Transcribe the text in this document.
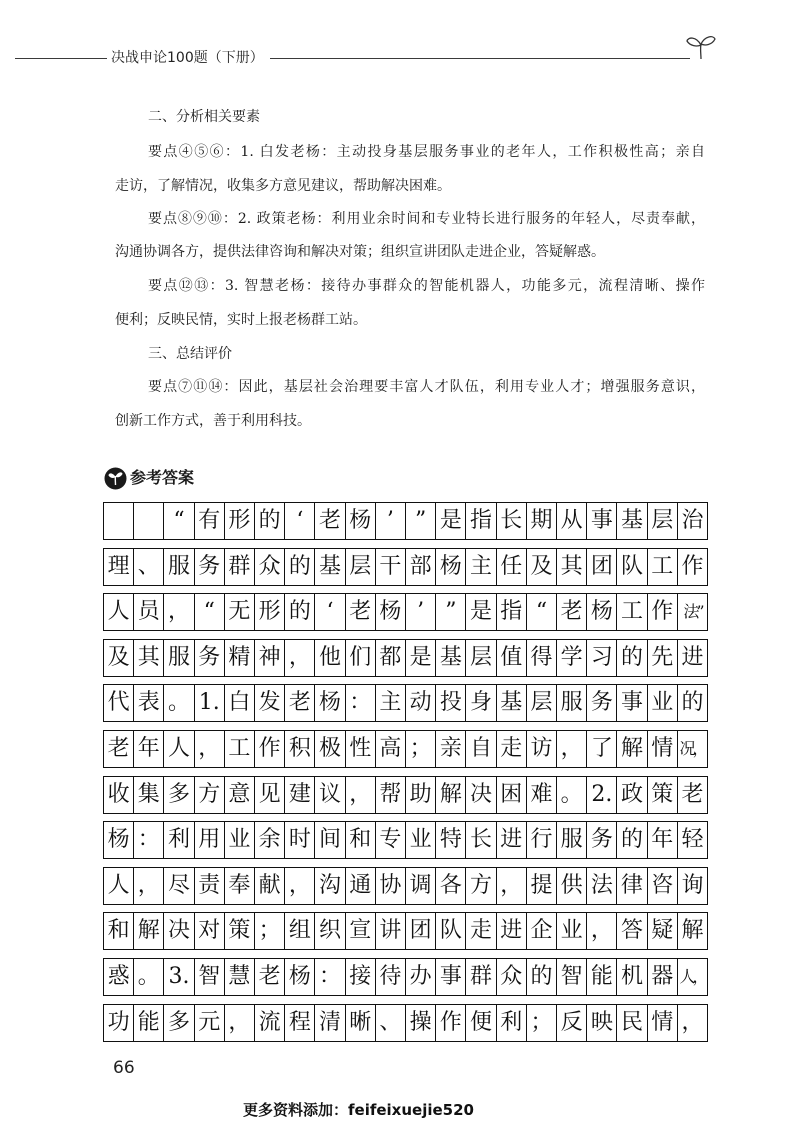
决战申论100题（下册）
二、分析相关要素
要点④⑤⑥：1. 白发老杨：主动投身基层服务事业的老年人，工作积极性高；亲自
走访，了解情况，收集多方意见建议，帮助解决困难。
要点⑧⑨⑩：2. 政策老杨：利用业余时间和专业特长进行服务的年轻人，尽责奉献，
沟通协调各方，提供法律咨询和解决对策；组织宣讲团队走进企业，答疑解惑。
要点⑫⑬：3. 智慧老杨：接待办事群众的智能机器人，功能多元，流程清晰、操作
便利；反映民情，实时上报老杨群工站。
三、总结评价
要点⑦⑪⑭：因此，基层社会治理要丰富人才队伍，利用专业人才；增强服务意识，
创新工作方式，善于利用科技。
参考答案
“ 有 形 的 ‘ 老 杨 ’ ” 是 指 长 期 从 事 基 层 治
理 、 服 务 群 众 的 基 层 干 部 杨 主 任 及 其 团 队 工 作
人 员 ， “ 无 形 的 ‘ 老 杨 ’ ” 是 指 “ 老 杨 工 作 法”
及 其 服 务 精 神 ， 他 们 都 是 基 层 值 得 学 习 的 先 进
代 表 。 1. 白 发 老 杨 ： 主 动 投 身 基 层 服 务 事 业 的
老 年 人 ， 工 作 积 极 性 高 ； 亲 自 走 访 ， 了 解 情 况，
收 集 多 方 意 见 建 议 ， 帮 助 解 决 困 难 。 2. 政 策 老
杨 ： 利 用 业 余 时 间 和 专 业 特 长 进 行 服 务 的 年 轻
人 ， 尽 责 奉 献 ， 沟 通 协 调 各 方 ， 提 供 法 律 咨 询
和 解 决 对 策 ； 组 织 宣 讲 团 队 走 进 企 业 ， 答 疑 解
惑 。 3. 智 慧 老 杨 ： 接 待 办 事 群 众 的 智 能 机 器 人，
功 能 多 元 ， 流 程 清 晰 、 操 作 便 利 ； 反 映 民 情 ，
66
更多资料添加：feifeixuejie520
